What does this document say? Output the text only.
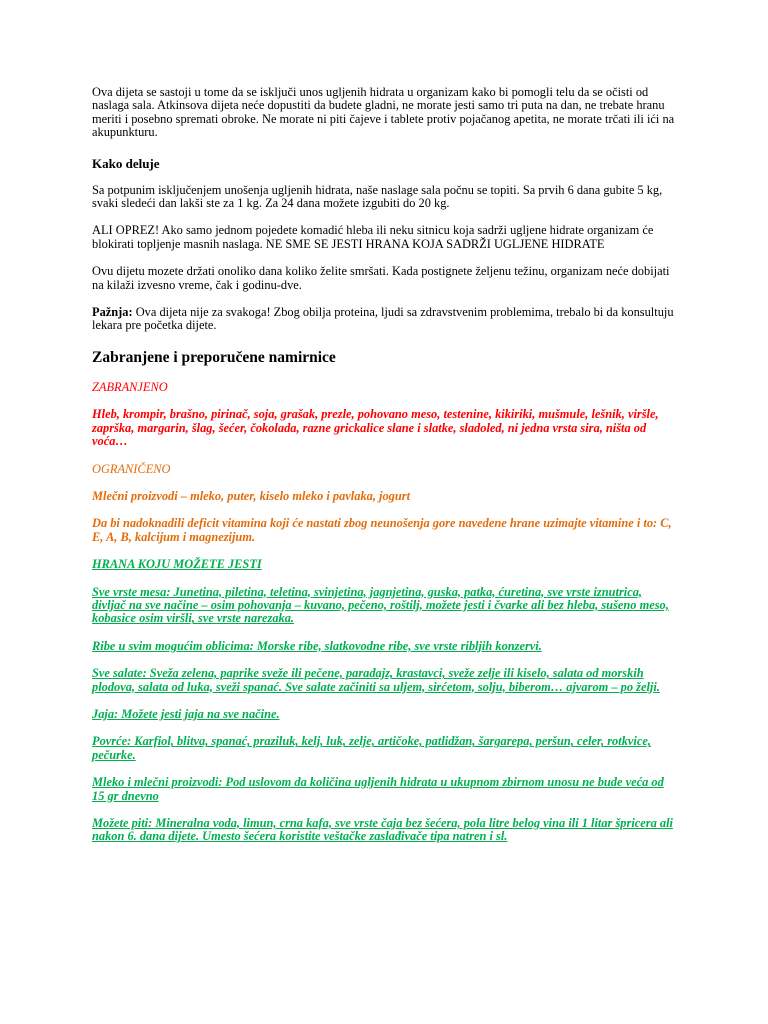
Ova dijeta se sastoji u tome da se isključi unos ugljenih hidrata u organizam kako bi pomogli telu da se očisti od naslaga sala. Atkinsova dijeta neće dopustiti da budete gladni, ne morate jesti samo tri puta na dan, ne trebate hranu meriti i posebno spremati obroke. Ne morate ni piti čajeve i tablete protiv pojačanog apetita, ne morate trčati ili ići na akupunkturu.

Kako deluje

Sa potpunim isključenjem unošenja ugljenih hidrata, naše naslage sala počnu se topiti. Sa prvih 6 dana gubite 5 kg, svaki sledeći dan lakši ste za 1 kg. Za 24 dana možete izgubiti do 20 kg.

ALI OPREZ! Ako samo jednom pojedete komadić hleba ili neku sitnicu koja sadrži ugljene hidrate organizam će blokirati topljenje masnih naslaga. NE SME SE JESTI HRANA KOJA SADRŽI UGLJENE HIDRATE

Ovu dijetu mozete držati onoliko dana koliko želite smršati. Kada postignete željenu težinu, organizam neće dobijati na kilaži izvesno vreme, čak i godinu-dve.

Pažnja: Ova dijeta nije za svakoga! Zbog obilja proteina, ljudi sa zdravstvenim problemima, trebalo bi da konsultuju lekara pre početka dijete.

Zabranjene i preporučene namirnice

ZABRANJENO

Hleb, krompir, brašno, pirinač, soja, grašak, prezle, pohovano meso, testenine, kikiriki, mušmule, lešnik, viršle, zaprška, margarin, šlag, šećer, čokolada, razne grickalice slane i slatke, sladoled, ni jedna vrsta sira, ništa od voća…

OGRANIČENO

Mlečni proizvodi – mleko, puter, kiselo mleko i pavlaka, jogurt

Da bi nadoknadili deficit vitamina koji će nastati zbog neunošenja gore navedene hrane uzimajte vitamine i to: C, E, A, B, kalcijum i magnezijum.

HRANA KOJU MOŽETE JESTI

Sve vrste mesa: Junetina, piletina, teletina, svinjetina, jagnjetina, guska, patka, ćuretina, sve vrste iznutrica, divljač na sve načine – osim pohovanja – kuvano, pečeno, roštilj, možete jesti i čvarke ali bez hleba, sušeno meso, kobasice osim viršli, sve vrste narezaka.

Ribe u svim mogućim oblicima: Morske ribe, slatkovodne ribe, sve vrste ribljih konzervi.

Sve salate: Sveža zelena, paprike sveže ili pečene, paradajz, krastavci, sveže zelje ili kiselo, salata od morskih plodova, salata od luka, sveži spanać. Sve salate začiniti sa uljem, sirćetom, solju, biberom… ajvarom – po želji.

Jaja: Možete jesti jaja na sve načine.

Povrće: Karfiol, blitva, spanać, praziluk, kelj, luk, zelje, artičoke, patlidžan, šargarepa, peršun, celer, rotkvice, pečurke.

Mleko i mlečni proizvodi: Pod uslovom da količina ugljenih hidrata u ukupnom zbirnom unosu ne bude veća od 15 gr dnevno

Možete piti: Mineralna voda, limun, crna kafa, sve vrste čaja bez šećera, pola litre belog vina ili 1 litar špricera ali nakon 6. dana dijete. Umesto šećera koristite veštačke zaslađivače tipa natren i sl.
